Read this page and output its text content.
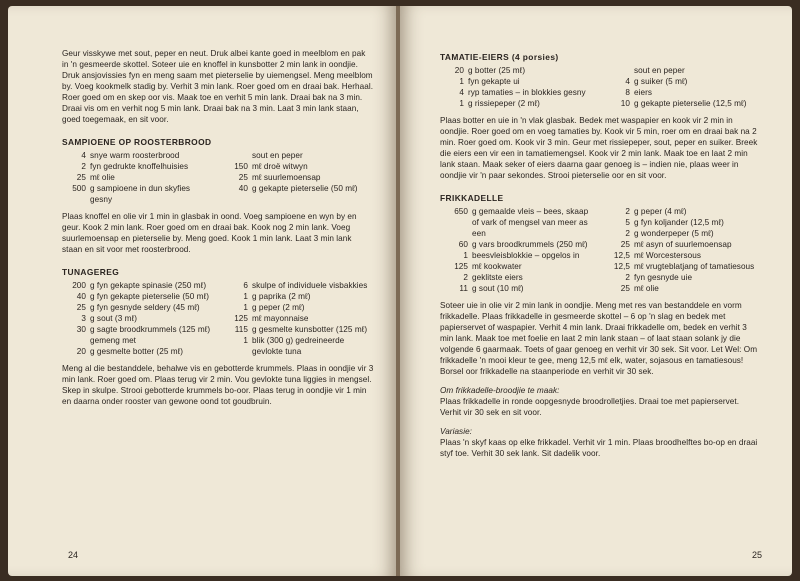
Geur visskywe met sout, peper en neut. Druk albei kante goed in meelblom en pak in 'n gesmeerde skottel. Soteer uie en knoffel in kunsbotter 2 min lank in oondjie. Druk ansjovissies fyn en meng saam met pieterselie by uiemengsel. Meng meelblom by. Voeg kookmelk stadig by. Verhit 3 min lank. Roer goed om en draai bak. Herhaal. Roer goed om en skep oor vis. Maak toe en verhit 5 min lank. Draai bak na 3 min. Draai vis om en verhit nog 5 min lank. Draai bak na 3 min. Laat 3 min lank staan, goed toegemaak, en sit voor.

SAMPIOENE OP ROOSTERBROOD

4 snye warm roosterbrood
2 fyn gedrukte knoffelhuisies
25 mℓ olie
500 g sampioene in dun skyfies gesny
sout en peper
150 mℓ droë witwyn
25 mℓ suurlemoensap
40 g gekapte pieterselie (50 mℓ)

Plaas knoffel en olie vir 1 min in glasbak in oond. Voeg sampioene en wyn by en geur. Kook 2 min lank. Roer goed om en draai bak. Kook nog 2 min lank. Voeg suurlemoensap en pieterselie by. Meng goed. Kook 1 min lank. Laat 3 min lank staan en sit voor met roosterbrood.

TUNAGEREG

200 g fyn gekapte spinasie (250 mℓ)
40 g fyn gekapte pieterselie (50 mℓ)
25 g fyn gesnyde seldery (45 mℓ)
3 g sout (3 mℓ)
30 g sagte broodkrummels (125 mℓ) gemeng met
20 g gesmelte botter (25 mℓ)
6 skulpe of individuele visbakkies
1 g paprika (2 mℓ)
1 g peper (2 mℓ)
125 mℓ mayonnaise
115 g gesmelte kunsbotter (125 mℓ)
1 blik (300 g) gedreineerde gevlokte tuna

Meng al die bestanddele, behalwe vis en gebotterde krummels. Plaas in oondjie vir 3 min lank. Roer goed om. Plaas terug vir 2 min. Vou gevlokte tuna liggies in mengsel. Skep in skulpe. Strooi gebotterde krummels bo-oor. Plaas terug in oondjie vir 1 min en daarna onder rooster van gewone oond tot goudbruin.

24

TAMATIE-EIERS (4 porsies)

20 g botter (25 mℓ)
1 fyn gekapte ui
4 ryp tamaties – in blokkies gesny
1 g rissiepeper (2 mℓ)
sout en peper
4 g suiker (5 mℓ)
8 eiers
10 g gekapte pieterselie (12,5 mℓ)

Plaas botter en uie in 'n vlak glasbak. Bedek met waspapier en kook vir 2 min in oondjie. Roer goed om en voeg tamaties by. Kook vir 5 min, roer om en draai bak na 2 min. Roer goed om. Kook vir 3 min. Geur met rissiepeper, sout, peper en suiker. Breek die eiers een vir een in tamatiemengsel. Kook vir 2 min lank. Maak toe en laat 2 min lank staan. Maak seker of eiers daarna gaar genoeg is – indien nie, plaas weer in oondjie vir 'n paar sekondes. Strooi pieterselie oor en sit voor.

FRIKKADELLE

650 g gemaalde vleis – bees, skaap of vark of mengsel van meer as een
60 g vars broodkrummels (250 mℓ)
1 beesvleisblokkie – opgelos in
125 mℓ kookwater
2 geklitste eiers
11 g sout (10 mℓ)
2 g peper (4 mℓ)
5 g fyn koljander (12,5 mℓ)
2 g wonderpeper (5 mℓ)
25 mℓ asyn of suurlemoensap
12,5 mℓ Worcestersous
12,5 mℓ vrugteblatjang of tamatiesous
2 fyn gesnyde uie
25 mℓ olie

Soteer uie in olie vir 2 min lank in oondjie. Meng met res van bestanddele en vorm frikkadelle. Plaas frikkadelle in gesmeerde skottel – 6 op 'n slag en bedek met papierservet of waspapier. Verhit 4 min lank. Draai frikkadelle om, bedek en verhit 3 min lank. Maak toe met foelie en laat 2 min lank staan – of laat staan solank jy die volgende 6 gaarmaak. Toets of gaar genoeg en verhit vir 30 sek. Sit voor. Let Wel: Om frikkadelle 'n mooi kleur te gee, meng 12,5 mℓ elk, water, sojasous en tamatiesous! Borsel oor frikkadelle na staanperiode en verhit vir 30 sek.

Om frikkadelle-broodjie te maak:

Plaas frikkadelle in ronde oopgesnyde broodrolletjies. Draai toe met papierservet. Verhit vir 30 sek en sit voor.

Variasie:

Plaas 'n skyf kaas op elke frikkadel. Verhit vir 1 min. Plaas broodhelftes bo-op en draai styf toe. Verhit 30 sek lank. Sit dadelik voor.

25
